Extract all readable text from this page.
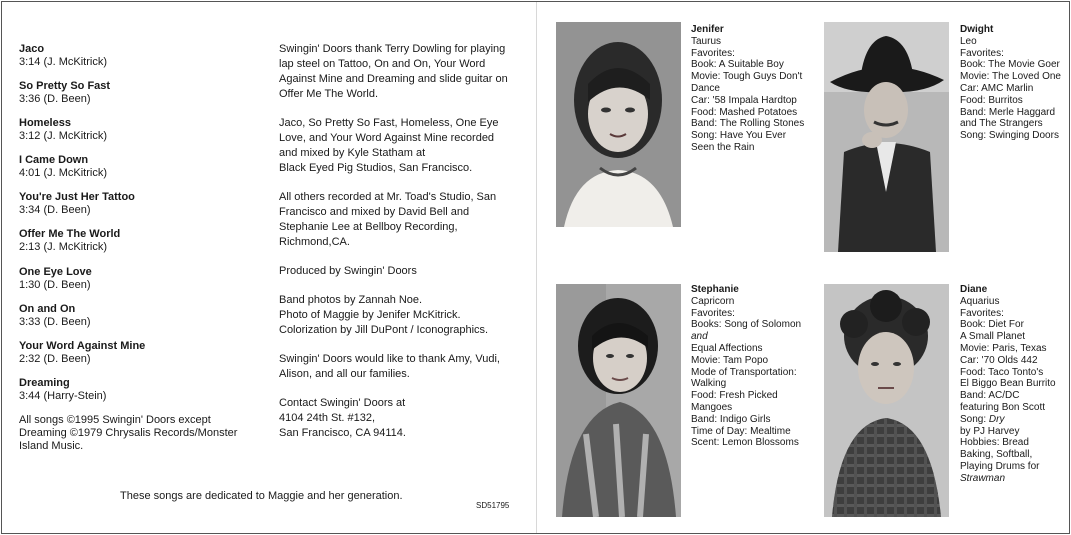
Jaco
3:14 (J. McKitrick)
So Pretty So Fast
3:36 (D. Been)
Homeless
3:12 (J. McKitrick)
I Came Down
4:01 (J. McKitrick)
You're Just Her Tattoo
3:34 (D. Been)
Offer Me The World
2:13 (J. McKitrick)
One Eye Love
1:30 (D. Been)
On and On
3:33 (D. Been)
Your Word Against Mine
2:32 (D. Been)
Dreaming
3:44 (Harry-Stein)
All songs ©1995 Swingin' Doors except
Dreaming ©1979 Chrysalis Records/Monster
Island Music.
These songs are dedicated to Maggie and her generation.
SD51795

Swingin' Doors thank Terry Dowling for playing
lap steel on Tattoo, On and On, Your Word
Against Mine and Dreaming and slide guitar on
Offer Me The World.

Jaco, So Pretty So Fast, Homeless, One Eye
Love, and Your Word Against Mine recorded
and mixed by Kyle Statham at
Black Eyed Pig Studios, San Francisco.

All others recorded at Mr. Toad's Studio, San
Francisco and mixed by David Bell and
Stephanie Lee at Bellboy Recording,
Richmond,CA.

Produced by Swingin' Doors

Band photos by Zannah Noe.
Photo of Maggie by Jenifer McKitrick.
Colorization by Jill DuPont / Iconographics.

Swingin' Doors would like to thank Amy, Vudi,
Alison, and all our families.

Contact Swingin' Doors at
4104 24th St. #132,
San Francisco, CA 94114.

Jenifer
Taurus
Favorites:
Book: A Suitable Boy
Movie: Tough Guys Don't
Dance
Car: '58 Impala Hardtop
Food: Mashed Potatoes
Band: The Rolling Stones
Song: Have You Ever
Seen the Rain
Dwight
Leo
Favorites:
Book: The Movie Goer
Movie: The Loved One
Car: AMC Marlin
Food: Burritos
Band: Merle Haggard
and The Strangers
Song: Swinging Doors
Stephanie
Capricorn
Favorites:
Books: Song of Solomon
and
Equal Affections
Movie: Tam Popo
Mode of Transportation:
Walking
Food: Fresh Picked
Mangoes
Band: Indigo Girls
Time of Day: Mealtime
Scent: Lemon Blossoms
Diane
Aquarius
Favorites:
Book: Diet For
A Small Planet
Movie: Paris, Texas
Car: '70 Olds 442
Food: Taco Tonto's
El Biggo Bean Burrito
Band: AC/DC
featuring Bon Scott
Song: Dry
by PJ Harvey
Hobbies: Bread
Baking, Softball,
Playing Drums for
Strawman
